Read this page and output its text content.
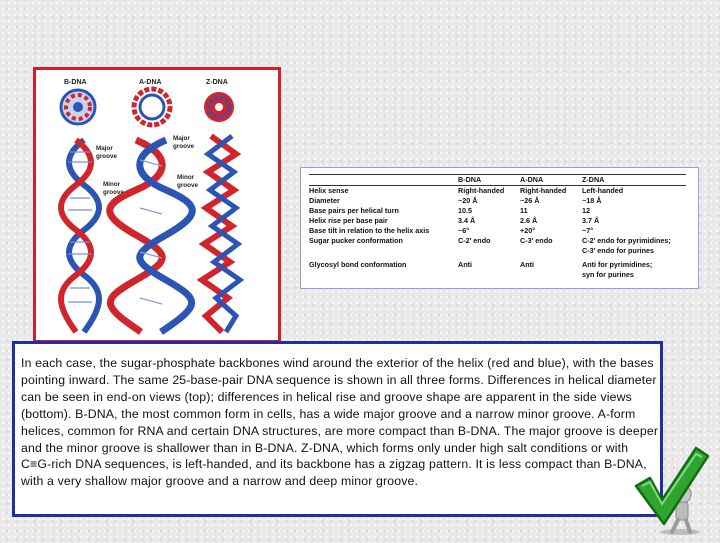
B-DNA	A-DNA	Z-DNA
Major
groove
Minor
groove
Major
groove
Minor
groove
	B-DNA	A-DNA	Z-DNA
Helix sense	Right-handed	Right-handed	Left-handed
Diameter	~20 Å	~26 Å	~18 Å
Base pairs per helical turn	10.5	11	12
Helix rise per base pair	3.4 Å	2.6 Å	3.7 Å
Base tilt in relation to the helix axis	~6°	+20°	~7°
Sugar pucker conformation	C-2′ endo	C-3′ endo	C-2′ endo for pyrimidines;
			C-3′ endo for purines

Glycosyl bond conformation	Anti	Anti	Anti for pyrimidines;
			syn for purines
In each case, the sugar-phosphate backbones wind around the exterior of the helix (red and blue), with the bases pointing inward. The same 25-base-pair DNA sequence is shown in all three forms. Differences in helical diameter can be seen in end-on views (top); differences in helical rise and groove shape are apparent in the side views (bottom). B-DNA, the most common form in cells, has a wide major groove and a narrow minor groove. A-form helices, common for RNA and certain DNA structures, are more compact than B-DNA. The major groove is deeper and the minor groove is shallower than in B-DNA. Z-DNA, which forms only under high salt conditions or with C≡G-rich DNA sequences, is left-handed, and its backbone has a zigzag pattern. It is less compact than B-DNA, with a very shallow major groove and a narrow and deep minor groove.
